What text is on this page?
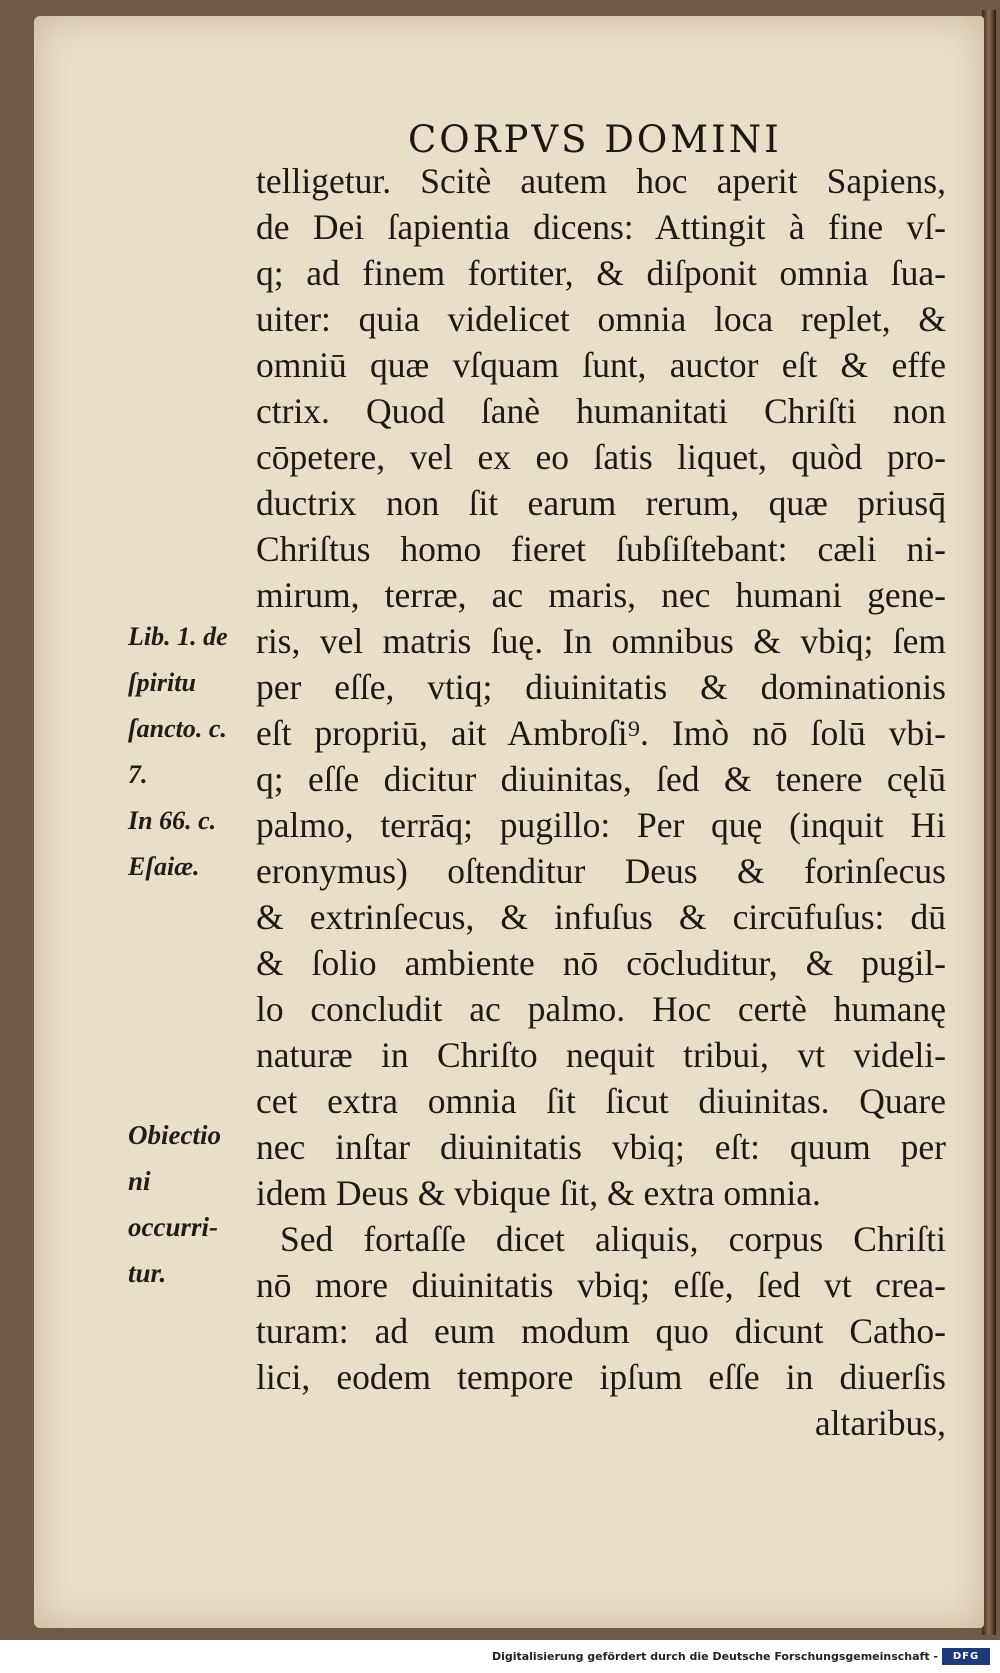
CORPVS DOMINI
telligetur. Scitè autem hoc aperit Sapiens,
de Dei ſapientia dicens: Attingit à fine vſ-
q; ad finem fortiter, & diſponit omnia ſua-
uiter: quia videlicet omnia loca replet, &
omniū quæ vſquam ſunt, auctor eſt & effe
ctrix. Quod ſanè humanitati Chriſti non
cōpetere, vel ex eo ſatis liquet, quòd pro-
ductrix non ſit earum rerum, quæ priusq̄
Chriſtus homo fieret ſubſiſtebant: cæli ni-
mirum, terræ, ac maris, nec humani gene-
ris, vel matris ſuę. In omnibus & vbiq; ſem
per eſſe, vtiq; diuinitatis & dominationis
eſt propriū, ait Ambroſi⁹. Imò nō ſolū vbi-
q; eſſe dicitur diuinitas, ſed & tenere cęlū
palmo, terrāq; pugillo: Per quę (inquit Hi
eronymus) oſtenditur Deus & forinſecus
& extrinſecus, & infuſus & circūfuſus: dū
& ſolio ambiente nō cōcluditur, & pugil-
lo concludit ac palmo. Hoc certè humanę
naturæ in Chriſto nequit tribui, vt videli-
cet extra omnia ſit ſicut diuinitas. Quare
nec inſtar diuinitatis vbiq; eſt: quum per
idem Deus & vbique ſit, & extra omnia.
Sed fortaſſe dicet aliquis, corpus Chriſti
nō more diuinitatis vbiq; eſſe, ſed vt crea-
turam: ad eum modum quo dicunt Catho-
lici, eodem tempore ipſum eſſe in diuerſis
altaribus,
Lib. 1. de
ſpiritu
ſancto. c.
7.
In 66. c.
Eſaiæ.
Obiectio
ni
occurri-
tur.
Digitalisierung gefördert durch die Deutsche Forschungsgemeinschaft -	DFG
